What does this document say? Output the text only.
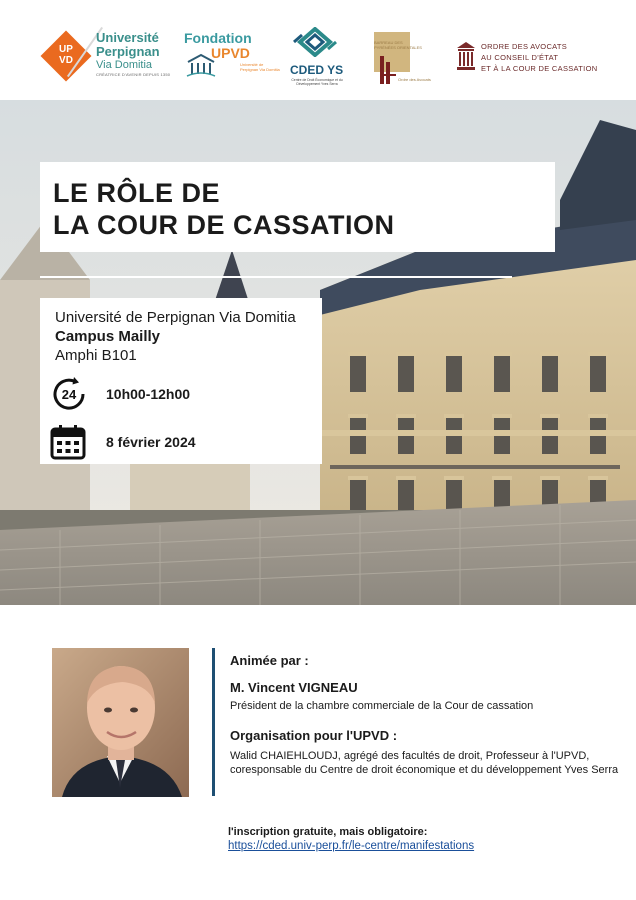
UP
VD
Université
Perpignan
Via Domitia
CRÉATRICE D'AVENIR DEPUIS 1350
Fondation
UPVD
Université de Perpignan Via Domitia CDED YS
Centre de Droit Économique et du Développement Yves Serra
BARREAU DES PYRÉNÉES ORIENTALES
Ordre des Avocats
ORDRE DES AVOCATS
AU CONSEIL D'ÉTAT
ET À LA COUR DE CASSATION
LE RÔLE DE
LA COUR DE CASSATION
Université de Perpignan Via Domitia
Campus Mailly
Amphi B101
24 10h00-12h00
8 février 2024
Animée par :
M. Vincent VIGNEAU
Président de la chambre commerciale de la Cour de cassation
Organisation pour l'UPVD :
Walid CHAIEHLOUDJ, agrégé des facultés de droit, Professeur à l'UPVD, coresponsable du Centre de droit économique et du développement Yves Serra
l'inscription gratuite, mais obligatoire:
https://cded.univ-perp.fr/le-centre/manifestations
